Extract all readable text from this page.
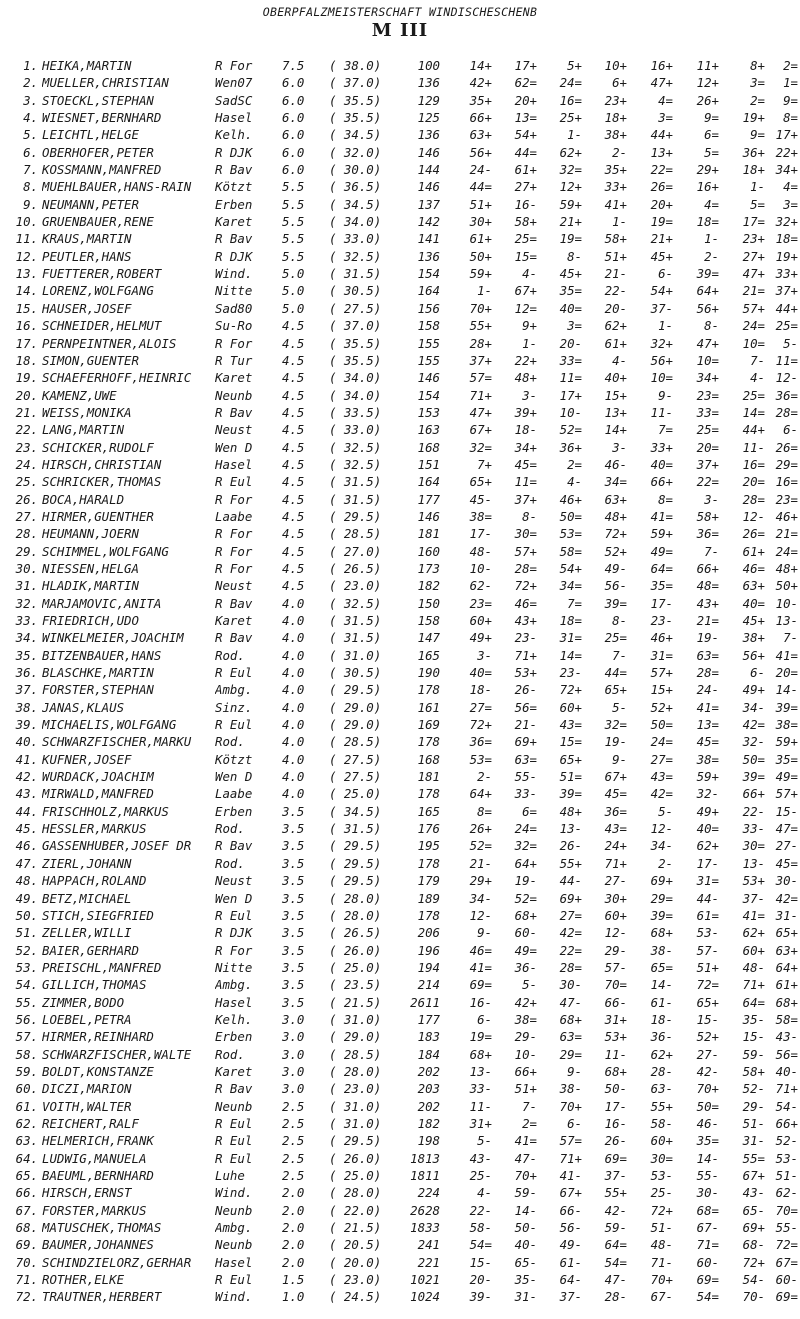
OBERPFALZMEISTERSCHAFT WINDISCHESCHENB
M III
1. HEIKA,MARTIN	R For	7.5	( 38.0)	100	14+	17+	5+	10+	16+	11+	8+	2=
2. MUELLER,CHRISTIAN	Wen07	6.0	( 37.0)	136	42+	62=	24=	6+	47+	12+	3=	1=
3. STOECKL,STEPHAN	SadSC	6.0	( 35.5)	129	35+	20+	16=	23+	4=	26+	2=	9=
4. WIESNET,BERNHARD	Hasel	6.0	( 35.5)	125	66+	13=	25+	18+	3=	9=	19+	8=
5. LEICHTL,HELGE	Kelh.	6.0	( 34.5)	136	63+	54+	1-	38+	44+	6=	9= 17+
6. OBERHOFER,PETER	R DJK	6.0	( 32.0)	146	56+	44=	62+	2-	13+	5=	36+ 22+
7. KOSSMANN,MANFRED	R Bav	6.0	( 30.0)	144	24-	61+	32=	35+	22=	29+	18+ 34+
8. MUEHLBAUER,HANS-RAIN	Kötzt	5.5	( 36.5)	146	44=	27+	12+	33+	26=	16+	1-	4=
9. NEUMANN,PETER	Erben	5.5	( 34.5)	137	51+	16-	59+	41+	20+	4=	5=	3=
10. GRUENBAUER,RENE	Karet	5.5	( 34.0)	142	30+	58+	21+	1-	19=	18=	17= 32+
11. KRAUS,MARTIN	R Bav	5.5	( 33.0)	141	61+	25=	19=	58+	21+	1-	23+ 18=
12. PEUTLER,HANS	R DJK	5.5	( 32.5)	136	50+	15=	8-	51+	45+	2-	27+ 19+
13. FUETTERER,ROBERT	Wind.	5.0	( 31.5)	154	59+	4-	45+	21-	6-	39=	47+ 33+
14. LORENZ,WOLFGANG	Nitte	5.0	( 30.5)	164	1-	67+	35=	22-	54+	64+	21= 37+
15. HAUSER,JOSEF	Sad80	5.0	( 27.5)	156	70+	12=	40=	20-	37-	56+	57+ 44+
16. SCHNEIDER,HELMUT	Su-Ro	4.5	( 37.0)	158	55+	9+	3=	62+	1-	8-	24= 25=
17. PERNPEINTNER,ALOIS	R For	4.5	( 35.5)	155	28+	1-	20-	61+	32+	47+	10=	5-
18. SIMON,GUENTER	R Tur	4.5	( 35.5)	155	37+	22+	33=	4-	56+	10=	7- 11=
19. SCHAEFERHOFF,HEINRIC	Karet	4.5	( 34.0)	146	57=	48+	11=	40+	10=	34+	4- 12-
20. KAMENZ,UWE	Neunb	4.5	( 34.0)	154	71+	3-	17+	15+	9-	23=	25= 36=
21. WEISS,MONIKA	R Bav	4.5	( 33.5)	153	47+	39+	10-	13+	11-	33=	14= 28=
22. LANG,MARTIN	Neust	4.5	( 33.0)	163	67+	18-	52=	14+	7=	25=	44+	6-
23. SCHICKER,RUDOLF	Wen D	4.5	( 32.5)	168	32=	34+	36+	3-	33+	20=	11- 26=
24. HIRSCH,CHRISTIAN	Hasel	4.5	( 32.5)	151	7+	45=	2=	46-	40=	37+	16= 29=
25. SCHRICKER,THOMAS	R Eul	4.5	( 31.5)	164	65+	11=	4-	34=	66+	22=	20= 16=
26. BOCA,HARALD	R For	4.5	( 31.5)	177	45-	37+	46+	63+	8=	3-	28= 23=
27. HIRMER,GUENTHER	Laabe	4.5	( 29.5)	146	38=	8-	50=	48+	41=	58+	12- 46+
28. HEUMANN,JOERN	R For	4.5	( 28.5)	181	17-	30=	53=	72+	59+	36=	26= 21=
29. SCHIMMEL,WOLFGANG	R For	4.5	( 27.0)	160	48-	57+	58=	52+	49=	7-	61+ 24=
30. NIESSEN,HELGA	R For	4.5	( 26.5)	173	10-	28=	54+	49-	64=	66+	46= 48+
31. HLADIK,MARTIN	Neust	4.5	( 23.0)	182	62-	72+	34=	56-	35=	48=	63+ 50+
32. MARJAMOVIC,ANITA	R Bav	4.0	( 32.5)	150	23=	46=	7=	39=	17-	43+	40= 10-
33. FRIEDRICH,UDO	Karet	4.0	( 31.5)	158	60+	43+	18=	8-	23-	21=	45+ 13-
34. WINKELMEIER,JOACHIM	R Bav	4.0	( 31.5)	147	49+	23-	31=	25=	46+	19-	38+	7-
35. BITZENBAUER,HANS	Rod.	4.0	( 31.0)	165	3-	71+	14=	7-	31=	63=	56+ 41=
36. BLASCHKE,MARTIN	R Eul	4.0	( 30.5)	190	40=	53+	23-	44=	57+	28=	6- 20=
37. FORSTER,STEPHAN	Ambg.	4.0	( 29.5)	178	18-	26-	72+	65+	15+	24-	49+ 14-
38. JANAS,KLAUS	Sinz.	4.0	( 29.0)	161	27=	56=	60+	5-	52+	41=	34- 39=
39. MICHAELIS,WOLFGANG	R Eul	4.0	( 29.0)	169	72+	21-	43=	32=	50=	13=	42= 38=
40. SCHWARZFISCHER,MARKU	Rod.	4.0	( 28.5)	178	36=	69+	15=	19-	24=	45=	32- 59+
41. KUFNER,JOSEF	Kötzt	4.0	( 27.5)	168	53=	63=	65+	9-	27=	38=	50= 35=
42. WURDACK,JOACHIM	Wen D	4.0	( 27.5)	181	2-	55-	51=	67+	43=	59+	39= 49=
43. MIRWALD,MANFRED	Laabe	4.0	( 25.0)	178	64+	33-	39=	45=	42=	32-	66+ 57+
44. FRISCHHOLZ,MARKUS	Erben	3.5	( 34.5)	165	8=	6=	48+	36=	5-	49+	22- 15-
45. HESSLER,MARKUS	Rod.	3.5	( 31.5)	176	26+	24=	13-	43=	12-	40=	33- 47=
46. GASSENHUBER,JOSEF DR	R Bav	3.5	( 29.5)	195	52=	32=	26-	24+	34-	62+	30= 27-
47. ZIERL,JOHANN	Rod.	3.5	( 29.5)	178	21-	64+	55+	71+	2-	17-	13- 45=
48. HAPPACH,ROLAND	Neust	3.5	( 29.5)	179	29+	19-	44-	27-	69+	31=	53+ 30-
49. BETZ,MICHAEL	Wen D	3.5	( 28.0)	189	34-	52=	69+	30+	29=	44-	37- 42=
50. STICH,SIEGFRIED	R Eul	3.5	( 28.0)	178	12-	68+	27=	60+	39=	61=	41= 31-
51. ZELLER,WILLI	R DJK	3.5	( 26.5)	206	9-	60-	42=	12-	68+	53-	62+ 65+
52. BAIER,GERHARD	R For	3.5	( 26.0)	196	46=	49=	22=	29-	38-	57-	60+ 63+
53. PREISCHL,MANFRED	Nitte	3.5	( 25.0)	194	41=	36-	28=	57-	65=	51+	48- 64+
54. GILLICH,THOMAS	Ambg.	3.5	( 23.5)	214	69=	5-	30-	70=	14-	72=	71+ 61+
55. ZIMMER,BODO	Hasel	3.5	( 21.5)	2611	16-	42+	47-	66-	61-	65+	64= 68+
56. LOEBEL,PETRA	Kelh.	3.0	( 31.0)	177	6-	38=	68+	31+	18-	15-	35- 58=
57. HIRMER,REINHARD	Erben	3.0	( 29.0)	183	19=	29-	63=	53+	36-	52+	15- 43-
58. SCHWARZFISCHER,WALTE	Rod.	3.0	( 28.5)	184	68+	10-	29=	11-	62+	27-	59- 56=
59. BOLDT,KONSTANZE	Karet	3.0	( 28.0)	202	13-	66+	9-	68+	28-	42-	58+ 40-
60. DICZI,MARION	R Bav	3.0	( 23.0)	203	33-	51+	38-	50-	63-	70+	52- 71+
61. VOITH,WALTER	Neunb	2.5	( 31.0)	202	11-	7-	70+	17-	55+	50=	29- 54-
62. REICHERT,RALF	R Eul	2.5	( 31.0)	182	31+	2=	6-	16-	58-	46-	51- 66+
63. HELMERICH,FRANK	R Eul	2.5	( 29.5)	198	5-	41=	57=	26-	60+	35=	31- 52-
64. LUDWIG,MANUELA	R Eul	2.5	( 26.0)	1813	43-	47-	71+	69=	30=	14-	55= 53-
65. BAEUML,BERNHARD	Luhe	2.5	( 25.0)	1811	25-	70+	41-	37-	53-	55-	67+ 51-
66. HIRSCH,ERNST	Wind.	2.0	( 28.0)	224	4-	59-	67+	55+	25-	30-	43- 62-
67. FORSTER,MARKUS	Neunb	2.0	( 22.0)	2628	22-	14-	66-	42-	72+	68=	65- 70=
68. MATUSCHEK,THOMAS	Ambg.	2.0	( 21.5)	1833	58-	50-	56-	59-	51-	67-	69+ 55-
69. BAUMER,JOHANNES	Neunb	2.0	( 20.5)	241	54=	40-	49-	64=	48-	71=	68- 72=
70. SCHINDZIELORZ,GERHAR	Hasel	2.0	( 20.0)	221	15-	65-	61-	54=	71-	60-	72+ 67=
71. ROTHER,ELKE	R Eul	1.5	( 23.0)	1021	20-	35-	64-	47-	70+	69=	54- 60-
72. TRAUTNER,HERBERT	Wind.	1.0	( 24.5)	1024	39-	31-	37-	28-	67-	54=	70- 69=
